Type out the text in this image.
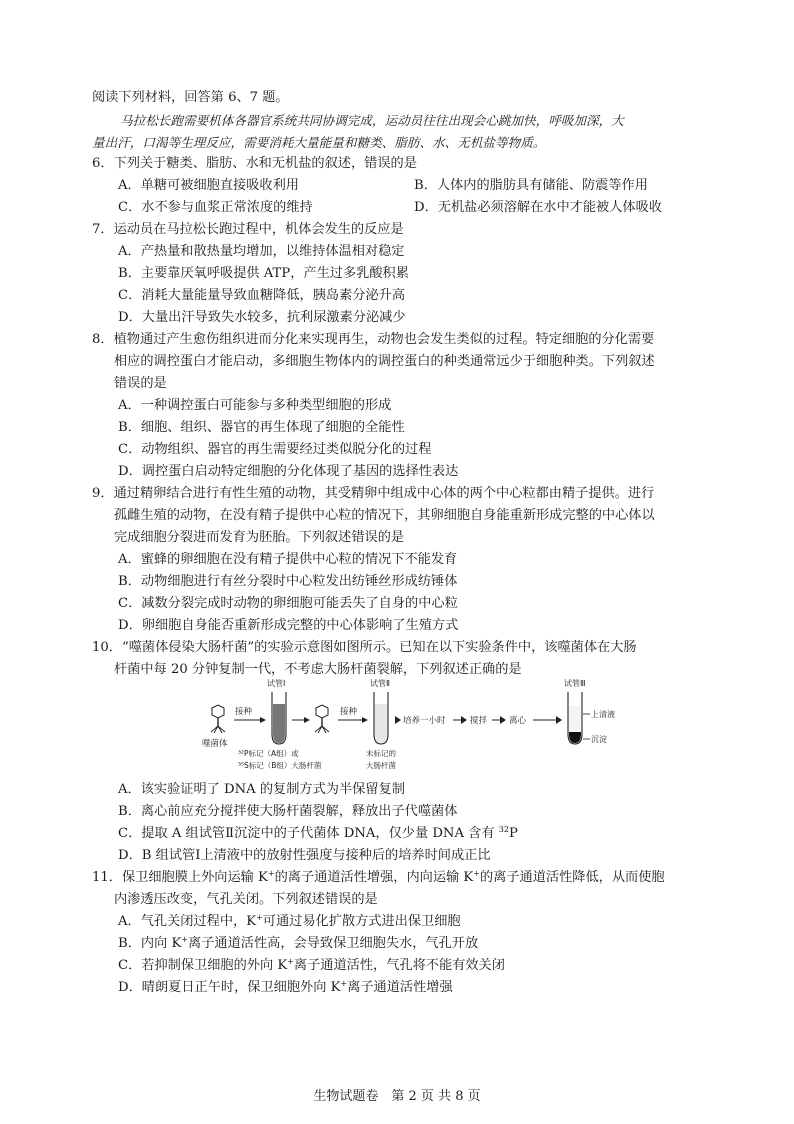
阅读下列材料，回答第 6、7 题。
马拉松长跑需要机体各器官系统共同协调完成，运动员往往出现会心跳加快，呼吸加深，大
量出汗，口渴等生理反应，需要消耗大量能量和糖类、脂肪、水、无机盐等物质。
6．下列关于糖类、脂肪、水和无机盐的叙述，错误的是
A．单糖可被细胞直接吸收利用	B．人体内的脂肪具有储能、防震等作用
C．水不参与血浆正常浓度的维持	D．无机盐必须溶解在水中才能被人体吸收
7．运动员在马拉松长跑过程中，机体会发生的反应是
A．产热量和散热量均增加，以维持体温相对稳定
B．主要靠厌氧呼吸提供 ATP，产生过多乳酸积累
C．消耗大量能量导致血糖降低，胰岛素分泌升高
D．大量出汗导致失水较多，抗利尿激素分泌减少
8．植物通过产生愈伤组织进而分化来实现再生，动物也会发生类似的过程。特定细胞的分化需要
相应的调控蛋白才能启动，多细胞生物体内的调控蛋白的种类通常远少于细胞种类。下列叙述
错误的是
A．一种调控蛋白可能参与多种类型细胞的形成
B．细胞、组织、器官的再生体现了细胞的全能性
C．动物组织、器官的再生需要经过类似脱分化的过程
D．调控蛋白启动特定细胞的分化体现了基因的选择性表达
9．通过精卵结合进行有性生殖的动物，其受精卵中组成中心体的两个中心粒都由精子提供。进行
孤雌生殖的动物，在没有精子提供中心粒的情况下，其卵细胞自身能重新形成完整的中心体以
完成细胞分裂进而发育为胚胎。下列叙述错误的是
A．蜜蜂的卵细胞在没有精子提供中心粒的情况下不能发育
B．动物细胞进行有丝分裂时中心粒发出纺锤丝形成纺锤体
C．减数分裂完成时动物的卵细胞可能丢失了自身的中心粒
D．卵细胞自身能否重新形成完整的中心体影响了生殖方式
10．“噬菌体侵染大肠杆菌”的实验示意图如图所示。已知在以下实验条件中，该噬菌体在大肠
杆菌中每 20 分钟复制一代，不考虑大肠杆菌裂解，下列叙述正确的是
噬菌体
接种
试管Ⅰ
³²P标记（A组）或
³⁵S标记（B组）大肠杆菌
接种
试管Ⅱ
未标记的
大肠杆菌
培养一小时	搅拌	离心
试管Ⅲ
上清液
沉淀
A．该实验证明了 DNA 的复制方式为半保留复制
B．离心前应充分搅拌使大肠杆菌裂解，释放出子代噬菌体
C．提取 A 组试管Ⅱ沉淀中的子代菌体 DNA，仅少量 DNA 含有 $^{32}$P
D．B 组试管Ⅰ上清液中的放射性强度与接种后的培养时间成正比
11．保卫细胞膜上外向运输 K+的离子通道活性增强，内向运输 K+的离子通道活性降低，从而使胞
内渗透压改变，气孔关闭。下列叙述错误的是
A．气孔关闭过程中，K+可通过易化扩散方式进出保卫细胞
B．内向 K+离子通道活性高，会导致保卫细胞失水，气孔开放
C．若抑制保卫细胞的外向 K+离子通道活性，气孔将不能有效关闭
D．晴朗夏日正午时，保卫细胞外向 K+离子通道活性增强
生物试题卷　第 2 页 共 8 页
